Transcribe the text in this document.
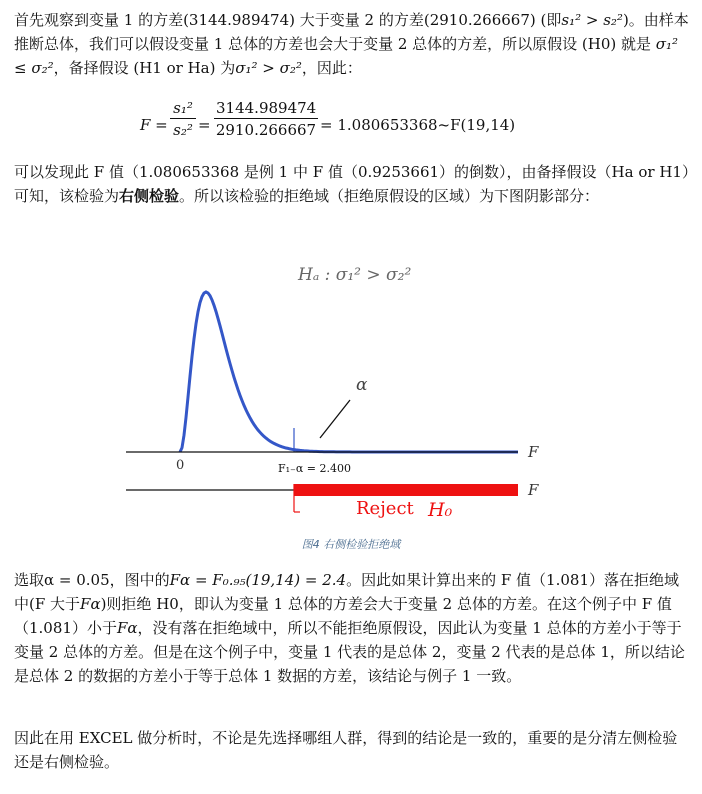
首先观察到变量 1 的方差(3144.989474) 大于变量 2 的方差(2910.266667) (即s₁² > s₂²)。由样本推断总体，我们可以假设变量 1 总体的方差也会大于变量 2 总体的方差，所以原假设 (H0) 就是 σ₁² ≤ σ₂²，备择假设 (H1 or Ha) 为σ₁² > σ₂²，因此：

$F = \frac{\text{s₁²}}{\text{s₂²}} = \frac{3144.989474}{2910.266667}$ = 1.080653368~F(19,14)

可以发现此 F 值（1.080653368 是例 1 中 F 值（0.9253661）的倒数），由备择假设（Ha or H1）可知，该检验为右侧检验。所以该检验的拒绝域（拒绝原假设的区域）为下图阴影部分：

Hₐ : σ₁² > σ₂²
F
0	F₁₋α = 2.400
α
F
Reject H₀
图4 右侧检验拒绝域

选取α = 0.05，图中的Fα = F₀.₉₅(19,14) = 2.4。因此如果计算出来的 F 值（1.081）落在拒绝域中(F 大于Fα)则拒绝 H0，即认为变量 1 总体的方差会大于变量 2 总体的方差。在这个例子中 F 值（1.081）小于Fα，没有落在拒绝域中，所以不能拒绝原假设，因此认为变量 1 总体的方差小于等于变量 2 总体的方差。但是在这个例子中，变量 1 代表的是总体 2，变量 2 代表的是总体 1，所以结论是总体 2 的数据的方差小于等于总体 1 数据的方差，该结论与例子 1 一致。

因此在用 EXCEL 做分析时，不论是先选择哪组人群，得到的结论是一致的，重要的是分清左侧检验还是右侧检验。
